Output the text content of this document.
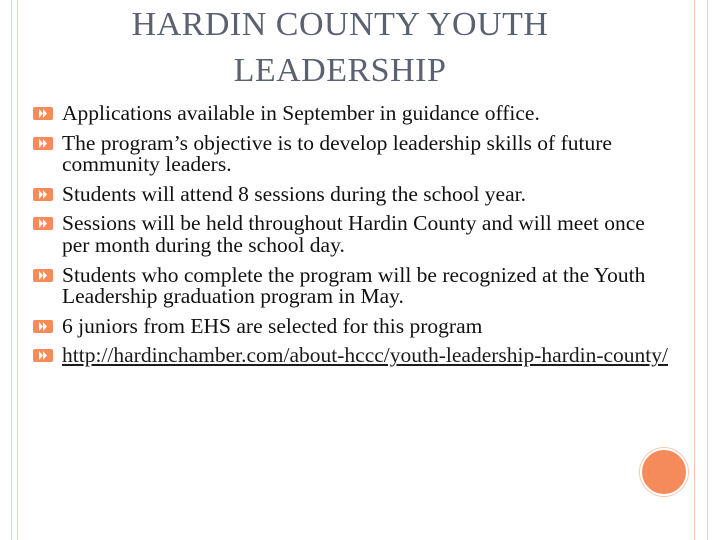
HARDIN COUNTY YOUTH
LEADERSHIP
Applications available in September in guidance office.
The program’s objective is to develop leadership skills of future community leaders.
Students will attend 8 sessions during the school year.
Sessions will be held throughout Hardin County and will meet once per month during the school day.
Students who complete the program will be recognized at the Youth Leadership graduation program in May.
6 juniors from EHS are selected for this program
http://hardinchamber.com/about-hccc/youth-leadership-hardin-county/
